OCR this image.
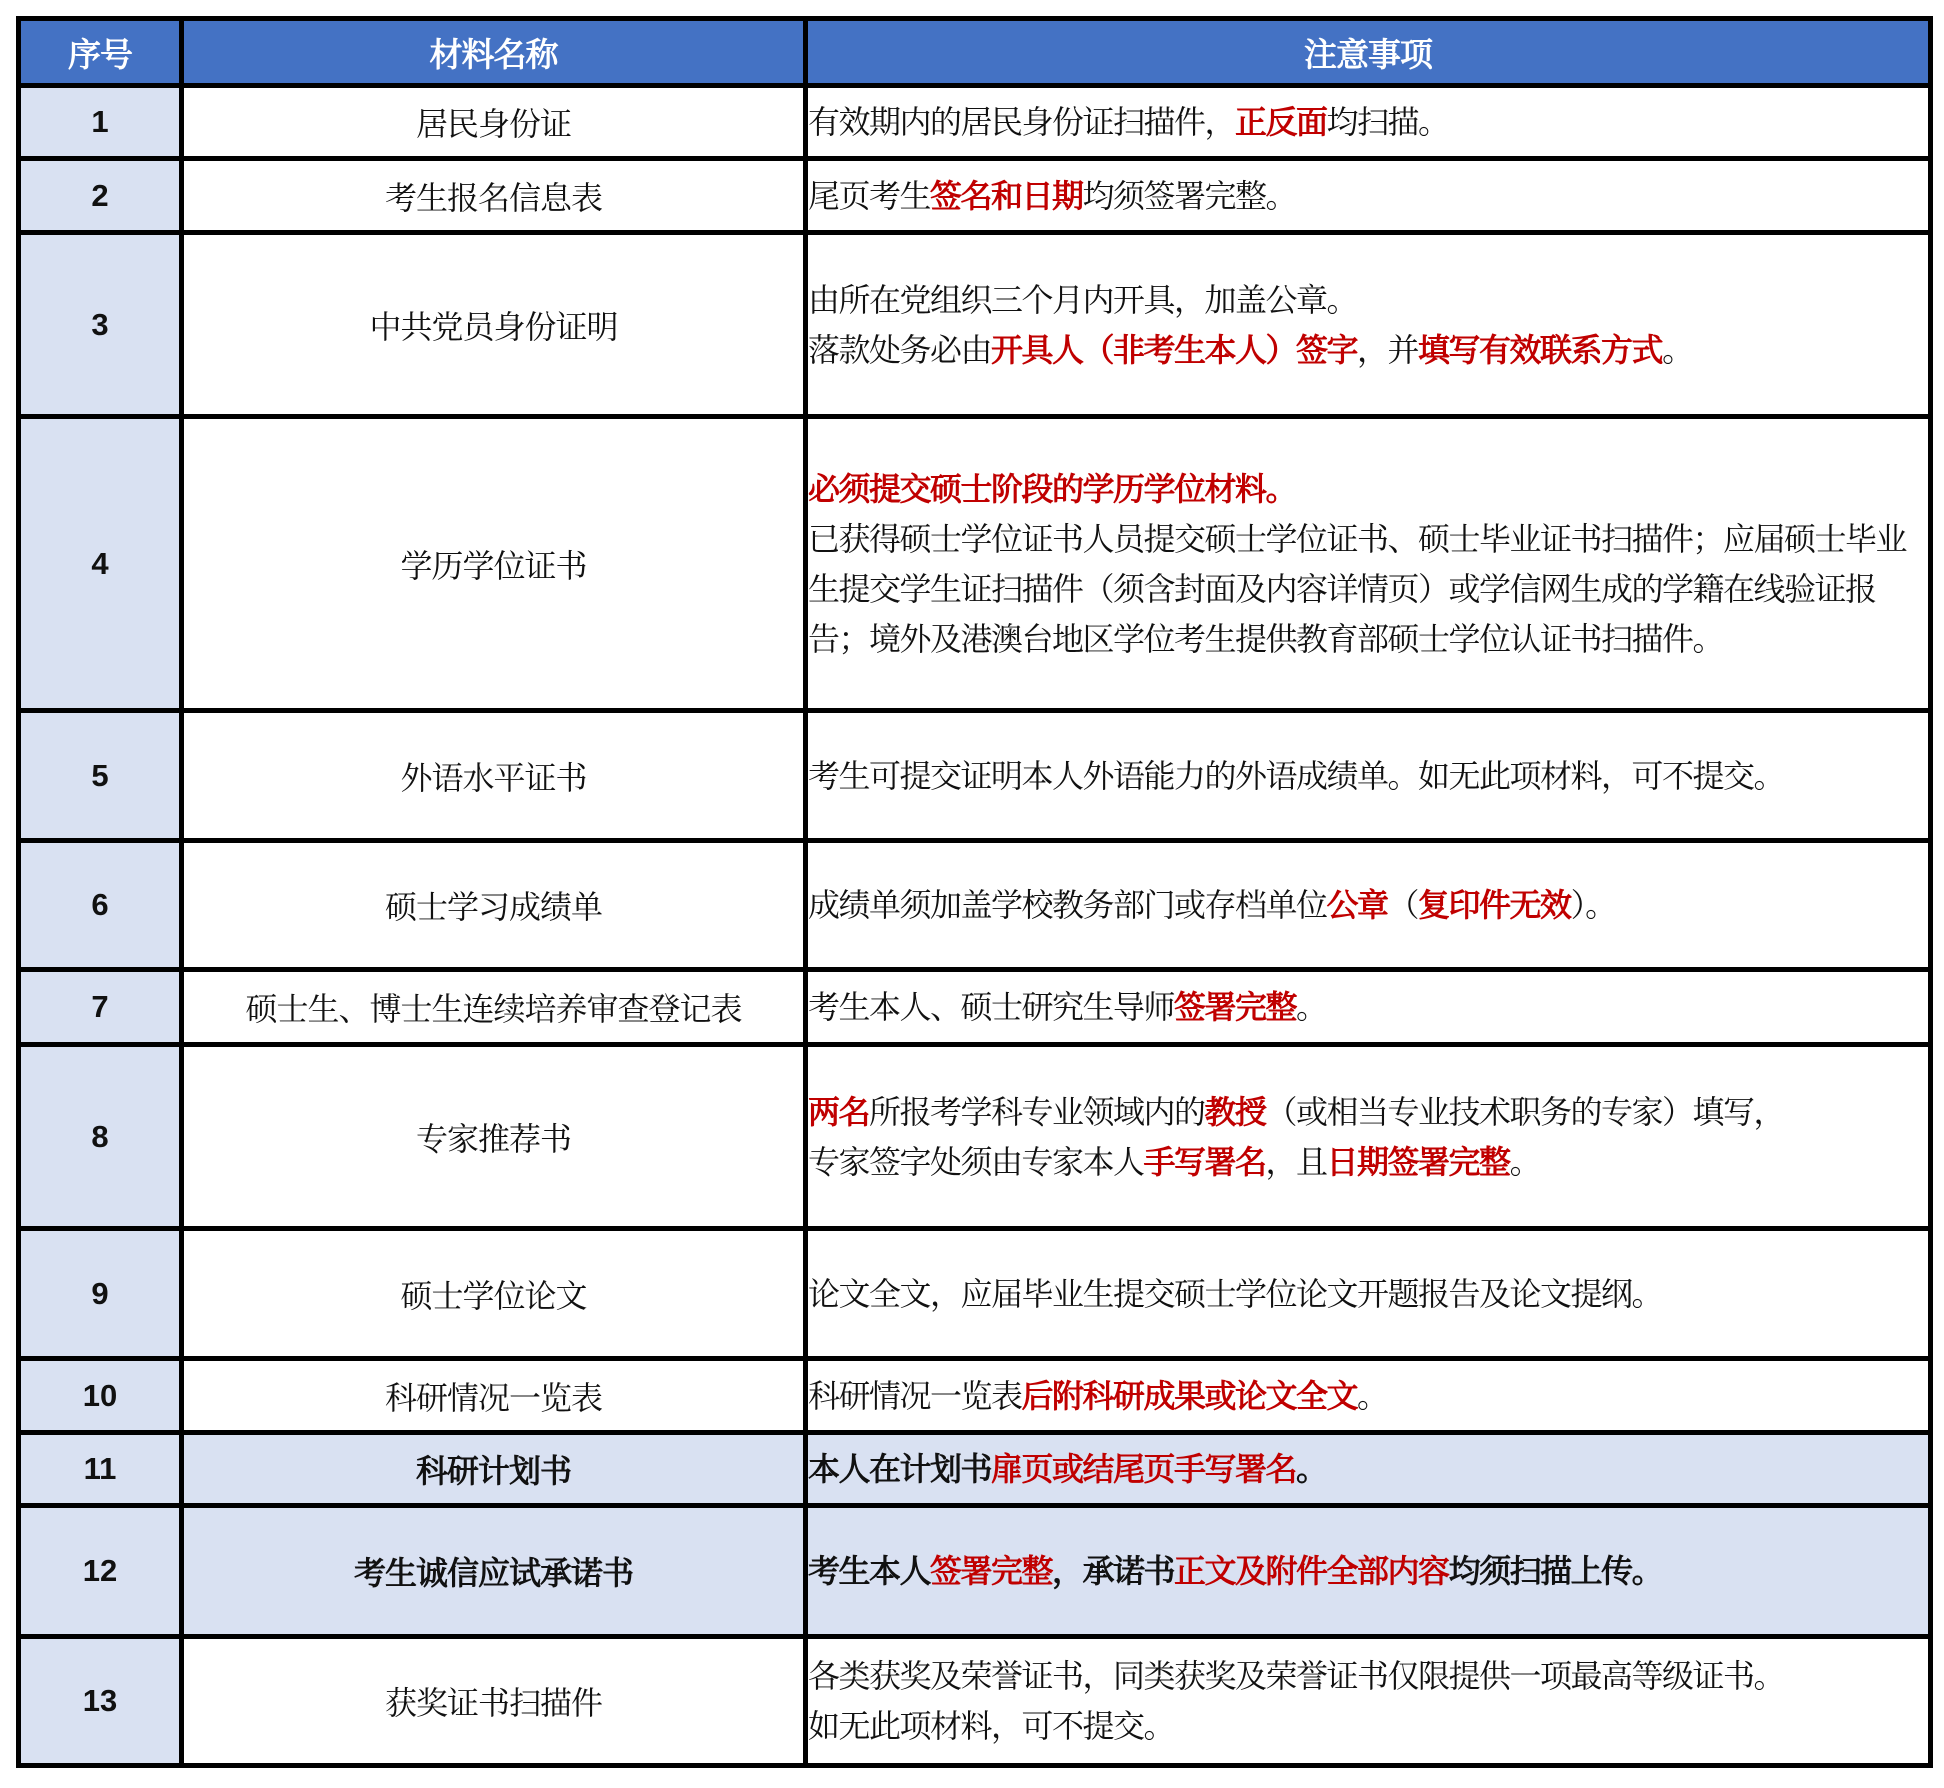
序号	材料名称	注意事项
1	居民身份证	有效期内的居民身份证扫描件，正反面均扫描。

2	考生报名信息表	尾页考生签名和日期均须签署完整。

3	中共党员身份证明	由所在党组织三个月内开具，加盖公章。
落款处务必由开具人（非考生本人）签字，并填写有效联系方式。

4	学历学位证书	必须提交硕士阶段的学历学位材料。
已获得硕士学位证书人员提交硕士学位证书、硕士毕业证书扫描件；应届硕士毕业生提交学生证扫描件（须含封面及内容详情页）或学信网生成的学籍在线验证报告；境外及港澳台地区学位考生提供教育部硕士学位认证书扫描件。

5	外语水平证书	考生可提交证明本人外语能力的外语成绩单。如无此项材料，可不提交。

6	硕士学习成绩单	成绩单须加盖学校教务部门或存档单位公章（复印件无效）。

7	硕士生、博士生连续培养审查登记表	考生本人、硕士研究生导师签署完整。

8	专家推荐书	两名所报考学科专业领域内的教授（或相当专业技术职务的专家）填写，
专家签字处须由专家本人手写署名，且日期签署完整。

9	硕士学位论文	论文全文，应届毕业生提交硕士学位论文开题报告及论文提纲。

10	科研情况一览表	科研情况一览表后附科研成果或论文全文。

11	科研计划书	本人在计划书扉页或结尾页手写署名。

12	考生诚信应试承诺书	考生本人签署完整，承诺书正文及附件全部内容均须扫描上传。

13	获奖证书扫描件	各类获奖及荣誉证书，同类获奖及荣誉证书仅限提供一项最高等级证书。
如无此项材料，可不提交。
